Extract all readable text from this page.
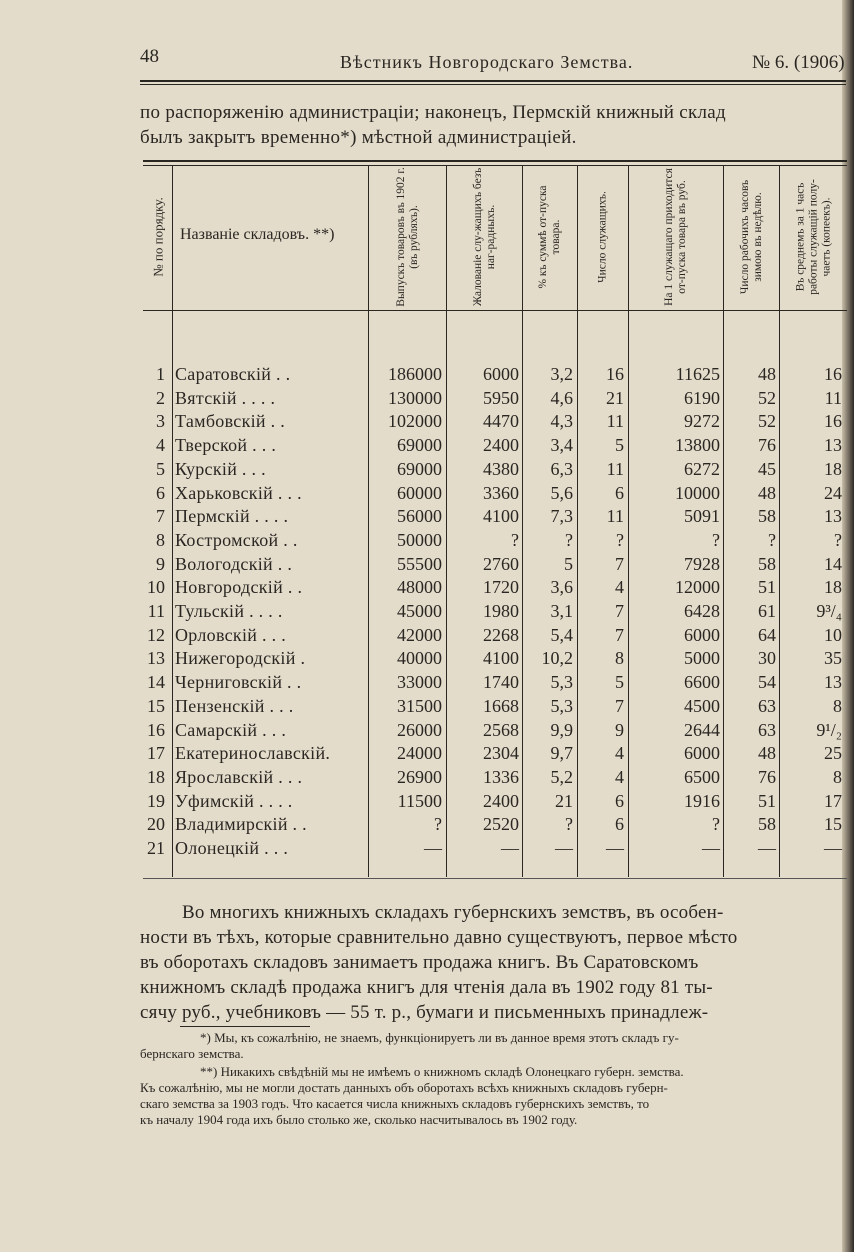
48	Вѣстникъ Новгородскаго Земства.	№ 6. (1906)

по распоряженію администраціи; наконецъ, Пермскій книжный склад

былъ закрытъ временно*) мѣстной администраціей.

№ по порядку. Названіе складовъ. **)	Выпускъ товаровъ въ 1902 г. (въ рубляхъ).	Жалованіе слу-жащихъ безъ наг-радныхъ.	% къ суммѣ от-пуска товара.	Число служащихъ.	На 1 служащаго приходится от-пуска товара въ руб.	Число рабочихъ часовъ зимою въ недѣлю.	Въ среднемъ за 1 часъ работы служащій полу-чаетъ (копеекъ).
1 Саратовскій . .	186000	6000	3,2	16	11625	48	16
2 Вятскій . . . .	130000	5950	4,6	21	6190	52	11
3 Тамбовскій . .	102000	4470	4,3	11	9272	52	16
4 Тверской . . .	69000	2400	3,4	5	13800	76	13
5 Курскій . . .	69000	4380	6,3	11	6272	45	18
6 Харьковскій . . .	60000	3360	5,6	6	10000	48	24
7 Пермскій . . . .	56000	4100	7,3	11	5091	58	13
8 Костромской . .	50000	?	?	?	?	?	?
9 Вологодскій . .	55500	2760	5	7	7928	58	14
10 Новгородскій . .	48000	1720	3,6	4	12000	51	18
11 Тульскій . . . .	45000	1980	3,1	7	6428	61	9³/₄
12 Орловскій . . .	42000	2268	5,4	7	6000	64	10
13 Нижегородскій .	40000	4100	10,2	8	5000	30	35
14 Черниговскій . .	33000	1740	5,3	5	6600	54	13
15 Пензенскій . . .	31500	1668	5,3	7	4500	63	8
16 Самарскій . . .	26000	2568	9,9	9	2644	63	9¹/₂
17 Екатеринославскій.	24000	2304	9,7	4	6000	48	25
18 Ярославскій . . .	26900	1336	5,2	4	6500	76	8
19 Уфимскій . . . .	11500	2400	21	6	1916	51	17
20 Владимирскій . .	?	2520	?	6	?	58	15
21 Олонецкій . . .	—	—	—	—	—	—	—

Во многихъ книжныхъ складахъ губернскихъ земствъ, въ особен-

ности въ тѣхъ, которые сравнительно давно существуютъ, первое мѣсто

въ оборотахъ складовъ занимаетъ продажа книгъ. Въ Саратовскомъ

книжномъ складѣ продажа книгъ для чтенія дала въ 1902 году 81 ты-

сячу руб., учебниковъ — 55 т. р., бумаги и письменныхъ принадлеж-

*) Мы, къ сожалѣнію, не знаемъ, функціонируетъ ли въ данное время этотъ складъ гу-

бернскаго земства.

**) Никакихъ свѣдѣній мы не имѣемъ о книжномъ складѣ Олонецкаго губерн. земства.

Къ сожалѣнію, мы не могли достать данныхъ объ оборотахъ всѣхъ книжныхъ складовъ губерн-

скаго земства за 1903 годъ. Что касается числа книжныхъ складовъ губернскихъ земствъ, то

къ началу 1904 года ихъ было столько же, сколько насчитывалось въ 1902 году.
